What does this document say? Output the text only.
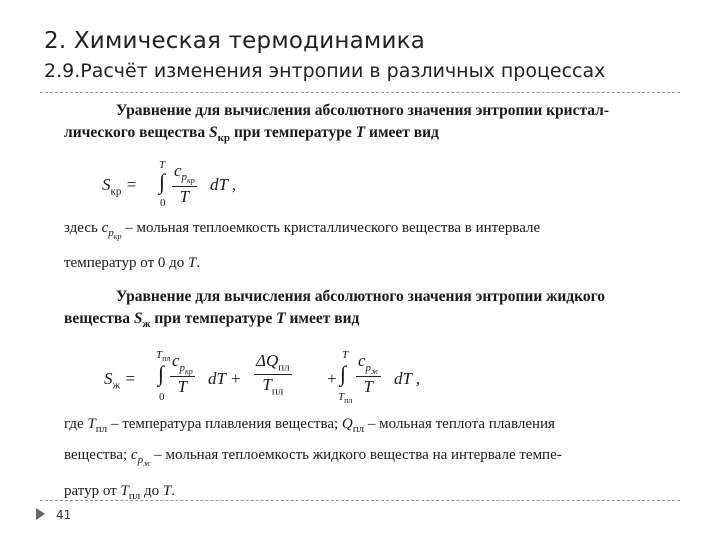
2. Химическая термодинамика
2.9.Расчёт изменения энтропии в различных процессах
Уравнение для вычисления абсолютного значения энтропии кристал-
лического вещества $S_{кр}$ при температуре T имеет вид
$S_{кр}$ =
T
∫
0
$c_{p_{кр}}$
T
dT ,
здесь $c_{p_{кр}}$ – мольная теплоемкость кристаллического вещества в интервале
температур от 0 до T.
Уравнение для вычисления абсолютного значения энтропии жидкого
вещества $S_ж$ при температуре T имеет вид
$S_ж$ =
$T_{пл}$
∫
0
$c_{p_{кр}}$
T	dT +
$\Delta Q_{пл}$
$T_{пл}$
+
T
∫
$T_{пл}$
$c_{p_ж}$
T	dT ,
где $T_{пл}$ – температура плавления вещества; $Q_{пл}$ – мольная теплота плавления
вещества; $c_{p_ж}$ – мольная теплоемкость жидкого вещества на интервале темпе-
ратур от $T_{пл}$ до T.
41
